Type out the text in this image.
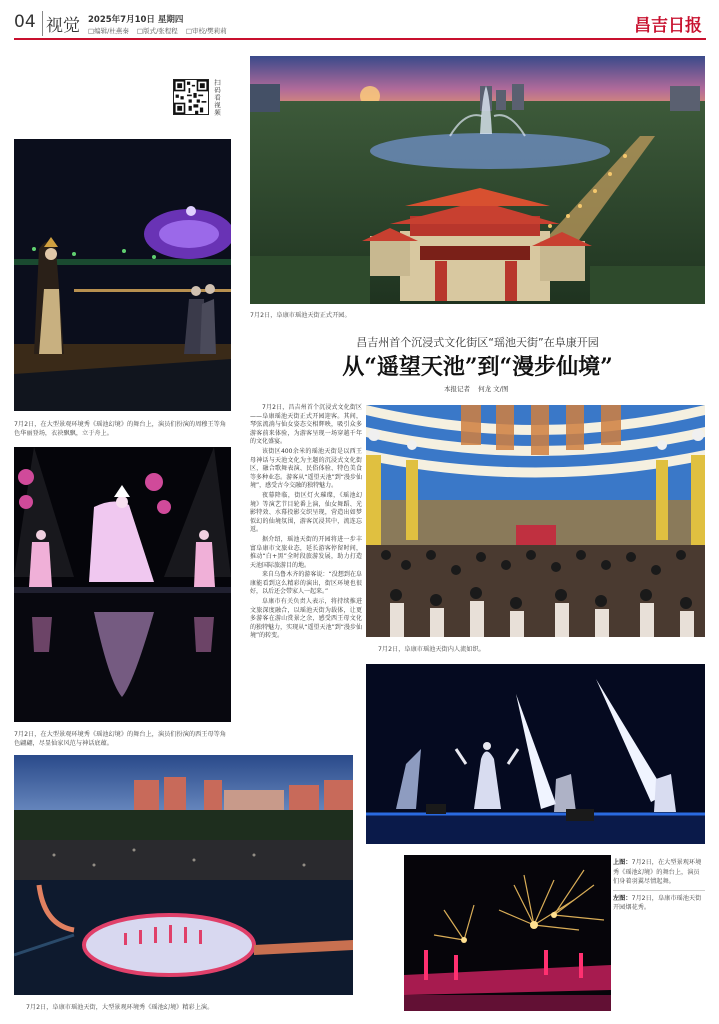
04 视觉 2025年7月10日 星期四
□编辑/杜燕秦 □版式/张程程 □审校/樊莉莉	昌吉日报
扫码看视频
7月2日，阜康市瑶池天街正式开园。
昌吉州首个沉浸式文化街区“瑶池天街”在阜康开园
从“遥望天池”到“漫步仙境”
本报记者 何龙 文/图

7月2日，昌吉州首个沉浸式文化街区——阜康瑶池天街正式开园迎客。其间，琴弦流淌与仙女姿态交相辉映，吸引众多游客前来体验，为游客呈现一场穿越千年的文化盛宴。

该街区400余米的瑶池天街是以西王母神话与天池文化为主题的沉浸式文化街区，融合歌舞表演、民俗体验、特色美食等多种业态。游客从“遥望天池”到“漫步仙境”，感受古今交融的独特魅力。

夜幕降临，街区灯火璀璨，《瑶池幻境》等演艺节目轮番上演，仙女舞蹈、光影特效、水幕投影交织呈现，营造出如梦似幻的仙境氛围，游客沉浸其中，流连忘返。

据介绍，瑶池天街的开园将进一步丰富阜康市文旅业态，延长游客停留时间，推动“白+黑”全时段旅游发展，助力打造天池国际旅游目的地。

来自乌鲁木齐的游客说：“没想到在阜康能看到这么精彩的演出，街区环境也很好，以后还会带家人一起来。”

阜康市有关负责人表示，将持续推进文旅深度融合，以瑶池天街为载体，让更多游客在游山赏景之余，感受西王母文化的独特魅力，实现从“遥望天池”到“漫步仙境”的转变。

7月2日，在大型景观环境秀《瑶池幻境》的舞台上，演员们扮演的周穆王等角色华丽登场，衣袂飘飘，立于舟上。
7月2日，在大型景观环境秀《瑶池幻境》的舞台上，演员们扮演的西王母等角色翩翩，尽显仙家风范与神话底蕴。
7月2日，阜康市瑶池天街，大型景观环境秀《瑶池幻境》精彩上演。
7月2日，阜康市瑶池天街内人流如织。
上图：7月2日，在大型景观环境秀《瑶池幻境》的舞台上，演员们身着羽翼尽情起舞。
左图：7月2日，阜康市瑶池天街开园烟花秀。
